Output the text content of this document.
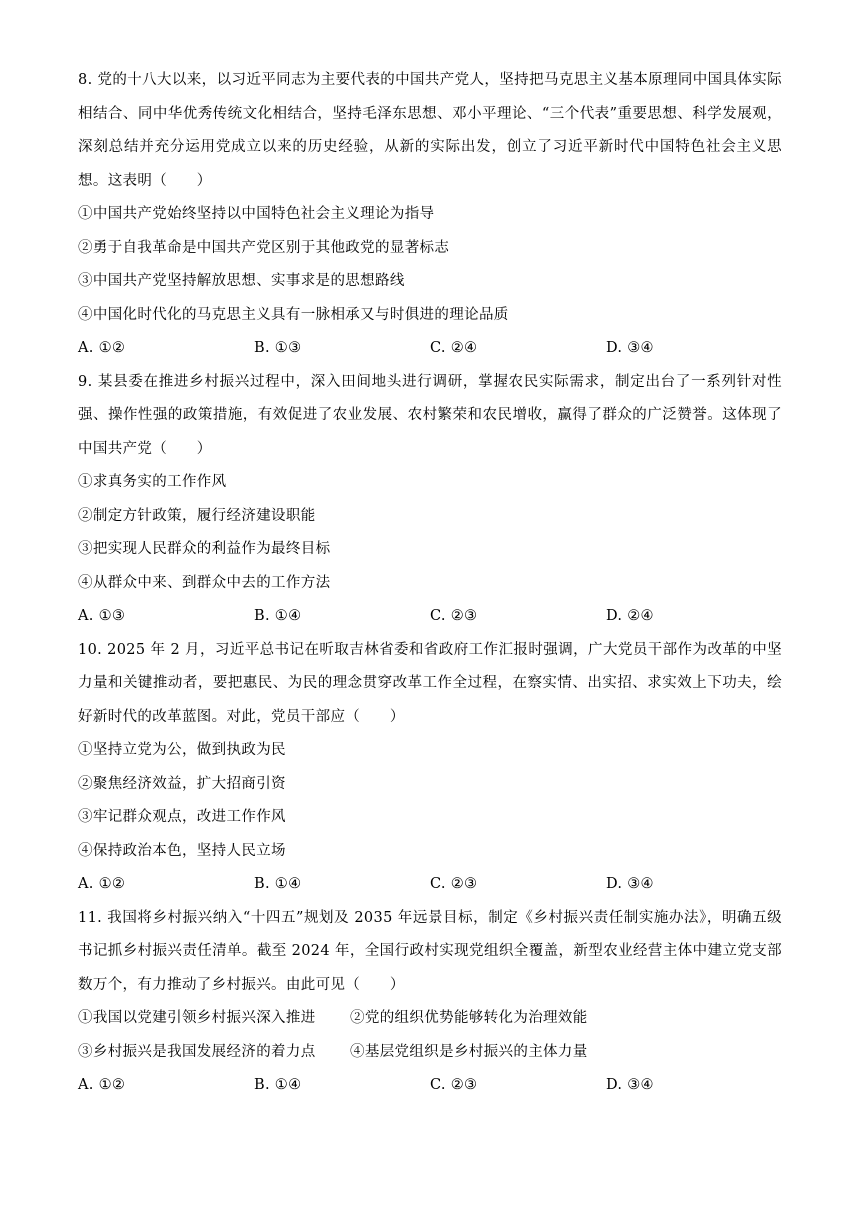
8. 党的十八大以来，以习近平同志为主要代表的中国共产党人，坚持把马克思主义基本原理同中国具体实际相结合、同中华优秀传统文化相结合，坚持毛泽东思想、邓小平理论、“三个代表”重要思想、科学发展观，深刻总结并充分运用党成立以来的历史经验，从新的实际出发，创立了习近平新时代中国特色社会主义思想。这表明（　　）

①中国共产党始终坚持以中国特色社会主义理论为指导

②勇于自我革命是中国共产党区别于其他政党的显著标志

③中国共产党坚持解放思想、实事求是的思想路线

④中国化时代化的马克思主义具有一脉相承又与时俱进的理论品质

A. ①②	B. ①③	C. ②④	D. ③④

9. 某县委在推进乡村振兴过程中，深入田间地头进行调研，掌握农民实际需求，制定出台了一系列针对性强、操作性强的政策措施，有效促进了农业发展、农村繁荣和农民增收，赢得了群众的广泛赞誉。这体现了中国共产党（　　）

①求真务实的工作作风

②制定方针政策，履行经济建设职能

③把实现人民群众的利益作为最终目标

④从群众中来、到群众中去的工作方法

A. ①③	B. ①④	C. ②③	D. ②④

10. 2025 年 2 月，习近平总书记在听取吉林省委和省政府工作汇报时强调，广大党员干部作为改革的中坚力量和关键推动者，要把惠民、为民的理念贯穿改革工作全过程，在察实情、出实招、求实效上下功夫，绘好新时代的改革蓝图。对此，党员干部应（　　）

①坚持立党为公，做到执政为民

②聚焦经济效益，扩大招商引资

③牢记群众观点，改进工作作风

④保持政治本色，坚持人民立场

A. ①②	B. ①④	C. ②③	D. ③④

11. 我国将乡村振兴纳入“十四五”规划及 2035 年远景目标，制定《乡村振兴责任制实施办法》，明确五级书记抓乡村振兴责任清单。截至 2024 年，全国行政村实现党组织全覆盖，新型农业经营主体中建立党支部数万个，有力推动了乡村振兴。由此可见（　　）

①我国以党建引领乡村振兴深入推进	②党的组织优势能够转化为治理效能
③乡村振兴是我国发展经济的着力点	④基层党组织是乡村振兴的主体力量
A. ①②	B. ①④	C. ②③	D. ③④
